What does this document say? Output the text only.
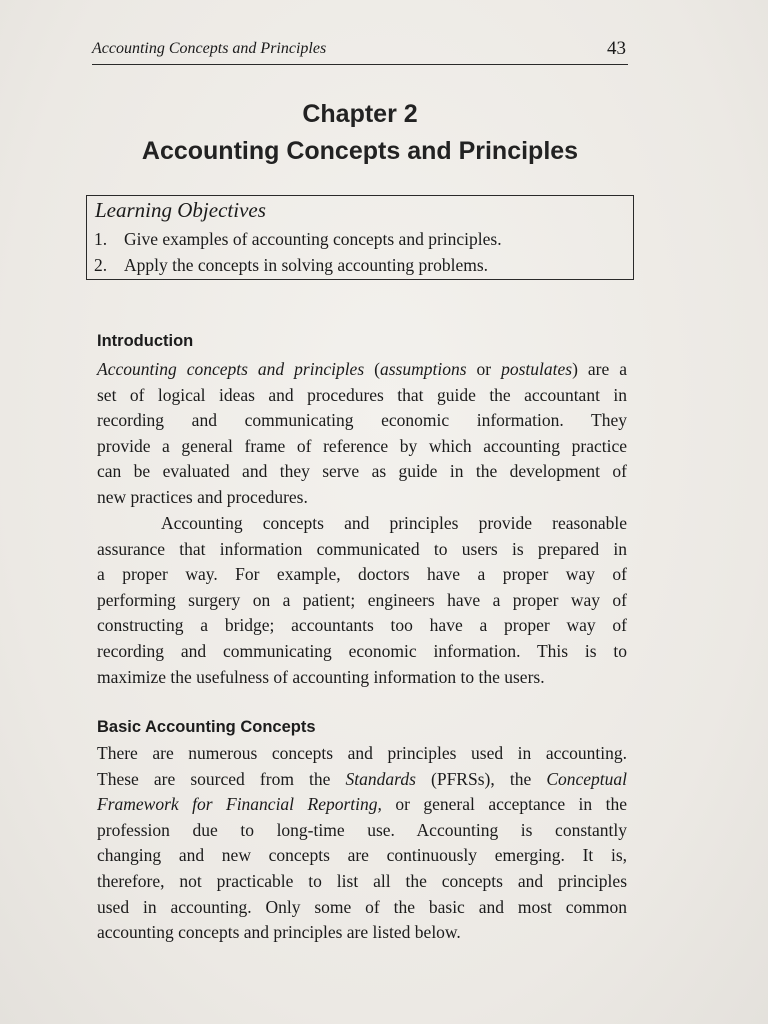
Accounting Concepts and Principles	43
Chapter 2
Accounting Concepts and Principles
Learning Objectives
1. Give examples of accounting concepts and principles.
2. Apply the concepts in solving accounting problems.
Introduction
Accounting concepts and principles (assumptions or postulates) are a
set of logical ideas and procedures that guide the accountant in
recording and communicating economic information. They
provide a general frame of reference by which accounting practice
can be evaluated and they serve as guide in the development of
new practices and procedures.
Accounting concepts and principles provide reasonable
assurance that information communicated to users is prepared in
a proper way. For example, doctors have a proper way of
performing surgery on a patient; engineers have a proper way of
constructing a bridge; accountants too have a proper way of
recording and communicating economic information. This is to
maximize the usefulness of accounting information to the users.
Basic Accounting Concepts
There are numerous concepts and principles used in accounting.
These are sourced from the Standards (PFRSs), the Conceptual
Framework for Financial Reporting, or general acceptance in the
profession due to long-time use. Accounting is constantly
changing and new concepts are continuously emerging. It is,
therefore, not practicable to list all the concepts and principles
used in accounting. Only some of the basic and most common
accounting concepts and principles are listed below.
